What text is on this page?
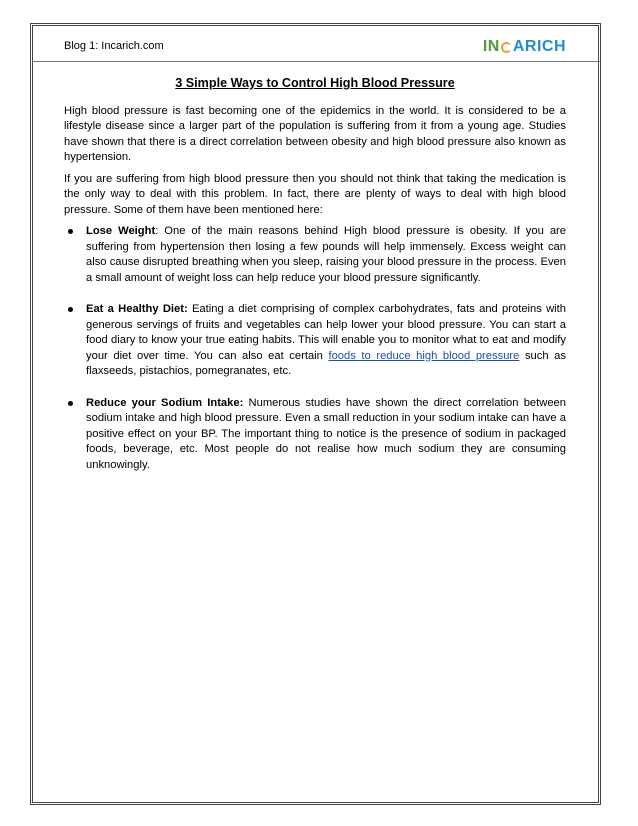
Blog 1: Incarich.com	IN ARICH
3 Simple Ways to Control High Blood Pressure

High blood pressure is fast becoming one of the epidemics in the world. It is considered to be a lifestyle disease since a larger part of the population is suffering from it from a young age. Studies have shown that there is a direct correlation between obesity and high blood pressure also known as hypertension.

If you are suffering from high blood pressure then you should not think that taking the medication is the only way to deal with this problem. In fact, there are plenty of ways to deal with high blood pressure. Some of them have been mentioned here:

Lose Weight: One of the main reasons behind High blood pressure is obesity. If you are suffering from hypertension then losing a few pounds will help immensely. Excess weight can also cause disrupted breathing when you sleep, raising your blood pressure in the process. Even a small amount of weight loss can help reduce your blood pressure significantly.
Eat a Healthy Diet: Eating a diet comprising of complex carbohydrates, fats and proteins with generous servings of fruits and vegetables can help lower your blood pressure. You can start a food diary to know your true eating habits. This will enable you to monitor what to eat and modify your diet over time. You can also eat certain foods to reduce high blood pressure such as flaxseeds, pistachios, pomegranates, etc.
Reduce your Sodium Intake: Numerous studies have shown the direct correlation between sodium intake and high blood pressure. Even a small reduction in your sodium intake can have a positive effect on your BP. The important thing to notice is the presence of sodium in packaged foods, beverage, etc. Most people do not realise how much sodium they are consuming unknowingly.
